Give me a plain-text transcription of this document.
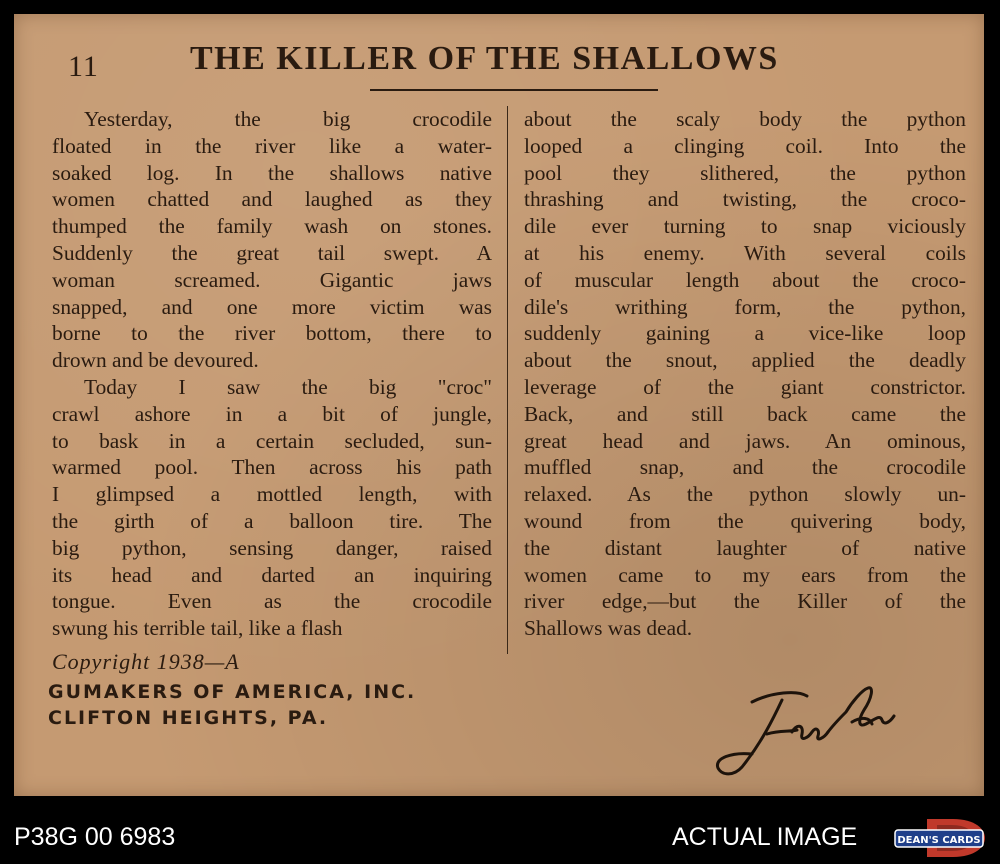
11	THE KILLER OF THE SHALLOWS
Yesterday, the big crocodile
floated in the river like a water-
soaked log. In the shallows native
women chatted and laughed as they
thumped the family wash on stones.
Suddenly the great tail swept. A
woman screamed. Gigantic jaws
snapped, and one more victim was
borne to the river bottom, there to
drown and be devoured.
Today I saw the big "croc"
crawl ashore in a bit of jungle,
to bask in a certain secluded, sun-
warmed pool. Then across his path
I glimpsed a mottled length, with
the girth of a balloon tire. The
big python, sensing danger, raised
its head and darted an inquiring
tongue. Even as the crocodile
swung his terrible tail, like a flash
about the scaly body the python
looped a clinging coil. Into the
pool they slithered, the python
thrashing and twisting, the croco-
dile ever turning to snap viciously
at his enemy. With several coils
of muscular length about the croco-
dile's writhing form, the python,
suddenly gaining a vice-like loop
about the snout, applied the deadly
leverage of the giant constrictor.
Back, and still back came the
great head and jaws. An ominous,
muffled snap, and the crocodile
relaxed. As the python slowly un-
wound from the quivering body,
the distant laughter of native
women came to my ears from the
river edge,—but the Killer of the
Shallows was dead.
Copyright 1938—A
GUMAKERS OF AMERICA, INC.
CLIFTON HEIGHTS, PA.
P38G 00 6983	ACTUAL IMAGE	DEAN'S CARDS
